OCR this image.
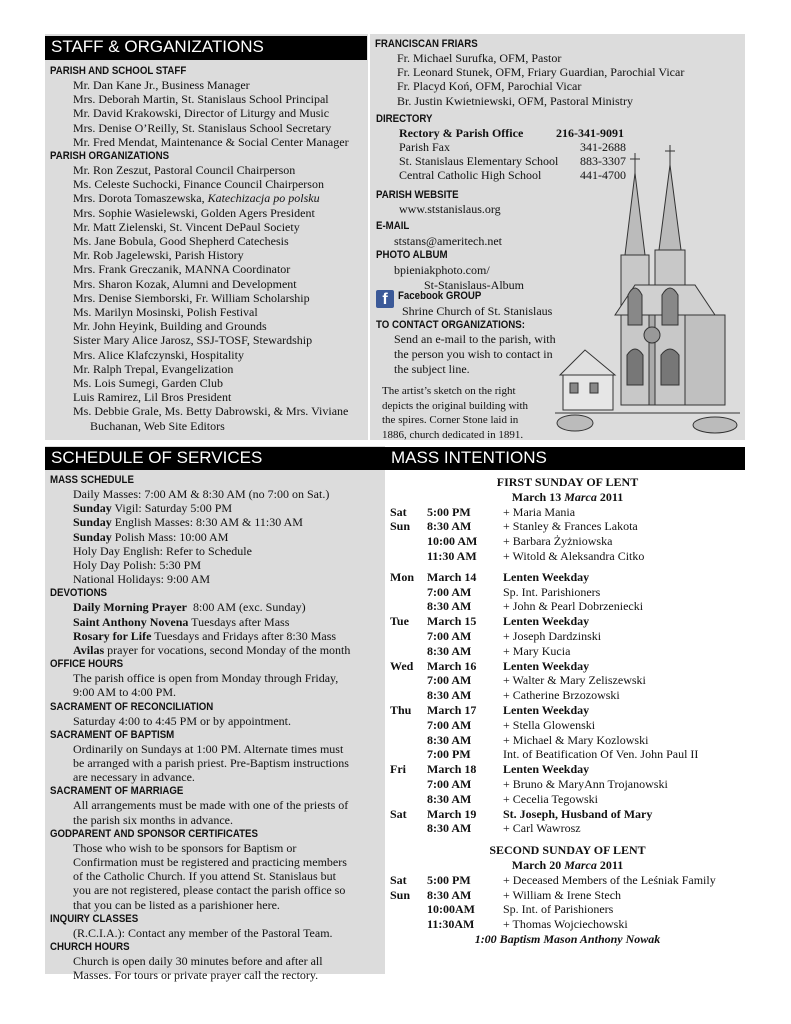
STAFF & ORGANIZATIONS
PARISH AND SCHOOL STAFF
Mr. Dan Kane Jr., Business Manager
Mrs. Deborah Martin, St. Stanislaus School Principal
Mr. David Krakowski, Director of Liturgy and Music
Mrs. Denise O’Reilly, St. Stanislaus School Secretary
Mr. Fred Mendat, Maintenance & Social Center Manager
PARISH ORGANIZATIONS
Mr. Ron Zeszut, Pastoral Council Chairperson
Ms. Celeste Suchocki, Finance Council Chairperson
Mrs. Dorota Tomaszewska, Katechizacja po polsku
Mrs. Sophie Wasielewski, Golden Agers President
Mr. Matt Zielenski, St. Vincent DePaul Society
Ms. Jane Bobula, Good Shepherd Catechesis
Mr. Rob Jagelewski, Parish History
Mrs. Frank Greczanik, MANNA Coordinator
Mrs. Sharon Kozak, Alumni and Development
Mrs. Denise Siemborski, Fr. William Scholarship
Ms. Marilyn Mosinski, Polish Festival
Mr. John Heyink, Building and Grounds
Sister Mary Alice Jarosz, SSJ-TOSF, Stewardship
Mrs. Alice Klafczynski, Hospitality
Mr. Ralph Trepal, Evangelization
Ms. Lois Sumegi, Garden Club
Luis Ramirez, Lil Bros President
Ms. Debbie Grale, Ms. Betty Dabrowski, & Mrs. Viviane
Buchanan, Web Site Editors
FRANCISCAN FRIARS
Fr. Michael Surufka, OFM, Pastor
Fr. Leonard Stunek, OFM, Friary Guardian, Parochial Vicar
Fr. Placyd Koń, OFM, Parochial Vicar
Br. Justin Kwietniewski, OFM, Pastoral Ministry
DIRECTORY
Rectory & Parish Office	216-341-9091
Parish Fax	341-2688
St. Stanislaus Elementary School 883-3307
Central Catholic High School	441-4700
PARISH WEBSITE
www.ststanislaus.org
E-MAIL
ststans@ameritech.net
PHOTO ALBUM
bpieniakphoto.com/
St-Stanislaus-Album
f Facebook GROUP
Shrine Church of St. Stanislaus
TO CONTACT ORGANIZATIONS:
Send an e-mail to the parish, with
the person you wish to contact in
the subject line.
The artist’s sketch on the right
depicts the original building with
the spires. Corner Stone laid in
1886, church dedicated in 1891.
SCHEDULE OF SERVICES
MASS SCHEDULE
Daily Masses: 7:00 AM & 8:30 AM (no 7:00 on Sat.)
Sunday Vigil: Saturday 5:00 PM
Sunday English Masses: 8:30 AM & 11:30 AM
Sunday Polish Mass: 10:00 AM
Holy Day English: Refer to Schedule
Holy Day Polish: 5:30 PM
National Holidays: 9:00 AM
DEVOTIONS
Daily Morning Prayer  8:00 AM (exc. Sunday)
Saint Anthony Novena Tuesdays after Mass
Rosary for Life Tuesdays and Fridays after 8:30 Mass
Avilas prayer for vocations, second Monday of the month
OFFICE HOURS
The parish office is open from Monday through Friday,
9:00 AM to 4:00 PM.
SACRAMENT OF RECONCILIATION
Saturday 4:00 to 4:45 PM or by appointment.
SACRAMENT OF BAPTISM
Ordinarily on Sundays at 1:00 PM. Alternate times must
be arranged with a parish priest. Pre-Baptism instructions
are necessary in advance.
SACRAMENT OF MARRIAGE
All arrangements must be made with one of the priests of
the parish six months in advance.
GODPARENT AND SPONSOR CERTIFICATES
Those who wish to be sponsors for Baptism or
Confirmation must be registered and practicing members
of the Catholic Church. If you attend St. Stanislaus but
you are not registered, please contact the parish office so
that you can be listed as a parishioner here.
INQUIRY CLASSES
(R.C.I.A.): Contact any member of the Pastoral Team.
CHURCH HOURS
Church is open daily 30 minutes before and after all
Masses. For tours or private prayer call the rectory.
MASS INTENTIONS
FIRST SUNDAY OF LENT
March 13 Marca 2011
Sat 5:00 PM	+ Maria Mania
Sun 8:30 AM	+ Stanley & Frances Lakota
10:00 AM + Barbara Żyżniowska
11:30 AM + Witold & Aleksandra Citko
Mon March 14 Lenten Weekday
7:00 AM	Sp. Int. Parishioners
8:30 AM	+ John & Pearl Dobrzeniecki
Tue March 15 Lenten Weekday
7:00 AM	+ Joseph Dardzinski
8:30 AM	+ Mary Kucia
Wed March 16 Lenten Weekday
7:00 AM	+ Walter & Mary Zeliszewski
8:30 AM	+ Catherine Brzozowski
Thu March 17 Lenten Weekday
7:00 AM	+ Stella Glowenski
8:30 AM	+ Michael & Mary Kozlowski
7:00 PM	Int. of Beatification Of Ven. John Paul II
Fri March 18 Lenten Weekday
7:00 AM	+ Bruno & MaryAnn Trojanowski
8:30 AM	+ Cecelia Tegowski
Sat March 19 St. Joseph, Husband of Mary
8:30 AM	+ Carl Wawrosz
SECOND SUNDAY OF LENT
March 20 Marca 2011
Sat 5:00 PM	+ Deceased Members of the Leśniak Family
Sun 8:30 AM	+ William & Irene Stech
10:00AM Sp. Int. of Parishioners
11:30AM + Thomas Wojciechowski
1:00 Baptism Mason Anthony Nowak
